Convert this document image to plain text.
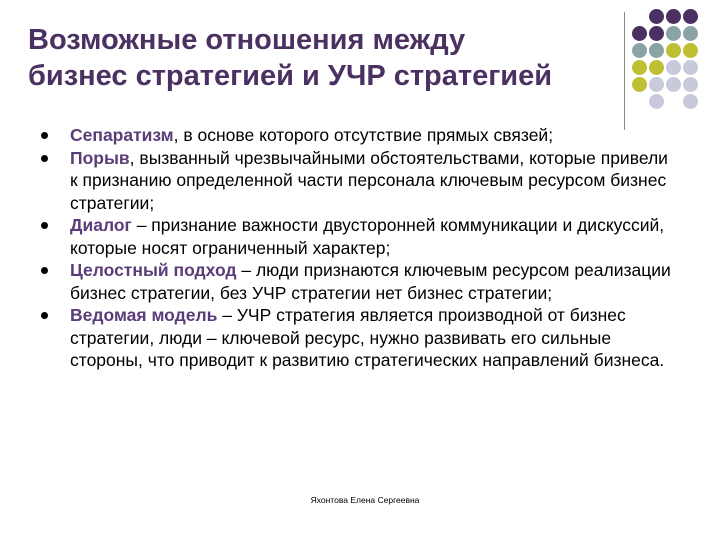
Возможные отношения между
бизнес стратегией и УЧР стратегией
Сепаратизм, в основе которого отсутствие прямых связей;
Порыв, вызванный чрезвычайными обстоятельствами, которые привели к признанию определенной части персонала ключевым ресурсом бизнес стратегии;
Диалог – признание важности двусторонней коммуникации и дискуссий, которые носят ограниченный характер;
Целостный подход – люди признаются ключевым ресурсом реализации бизнес стратегии, без УЧР стратегии нет бизнес стратегии;
Ведомая модель – УЧР стратегия является производной от бизнес стратегии, люди – ключевой ресурс, нужно развивать его сильные стороны, что приводит к развитию стратегических направлений бизнеса.
Яхонтова Елена Сергеевна
